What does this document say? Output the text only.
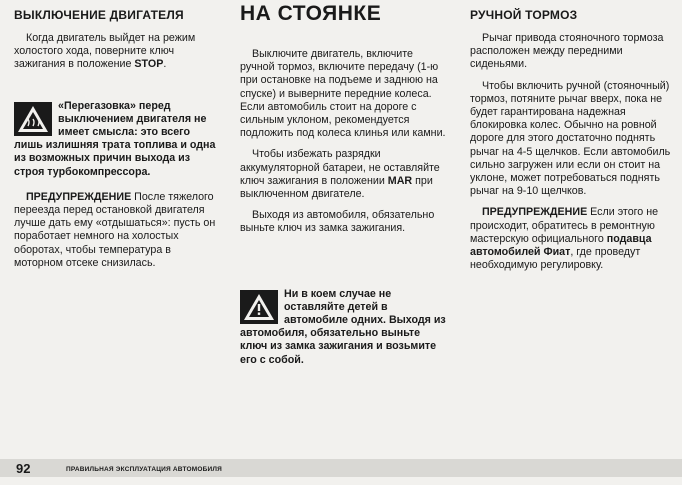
ВЫКЛЮЧЕНИЕ ДВИГАТЕЛЯ

Когда двигатель выйдет на режим холостого хода, поверните ключ зажигания в положение STOP.

«Перегазовка» перед выключением двигателя не имеет смысла: это всего лишь излишняя трата топлива и одна из возможных причин выхода из строя турбокомпрессора.

ПРЕДУПРЕЖДЕНИЕ После тяжелого переезда перед остановкой двигателя лучше дать ему «отдышаться»: пусть он поработает немного на холостых оборотах, чтобы температура в моторном отсеке снизилась.

НА СТОЯНКЕ

Выключите двигатель, включите ручной тормоз, включите передачу (1-ю при остановке на подъеме и заднюю на спуске) и выверните передние колеса. Если автомобиль стоит на дороге с сильным уклоном, рекомендуется подложить под колеса клинья или камни.

Чтобы избежать разрядки аккумуляторной батареи, не оставляйте ключ зажигания в положении MAR при выключенном двигателе.

Выходя из автомобиля, обязательно выньте ключ из замка зажигания.

Ни в коем случае не оставляйте детей в автомобиле одних. Выходя из автомобиля, обязательно выньте ключ из замка зажигания и возьмите его с собой.
РУЧНОЙ ТОРМОЗ

Рычаг привода стояночного тормоза расположен между передними сиденьями.

Чтобы включить ручной (стояночный) тормоз, потяните рычаг вверх, пока не будет гарантирована надежная блокировка колес. Обычно на ровной дороге для этого достаточно поднять рычаг на 4-5 щелчков. Если автомобиль сильно загружен или если он стоит на уклоне, может потребоваться поднять рычаг на 9-10 щелчков.

ПРЕДУПРЕЖДЕНИЕ Если этого не происходит, обратитесь в ремонтную мастерскую официального подавца автомобилей Фиат, где проведут необходимую регулировку.

92	ПРАВИЛЬНАЯ ЭКСПЛУАТАЦИЯ АВТОМОБИЛЯ
